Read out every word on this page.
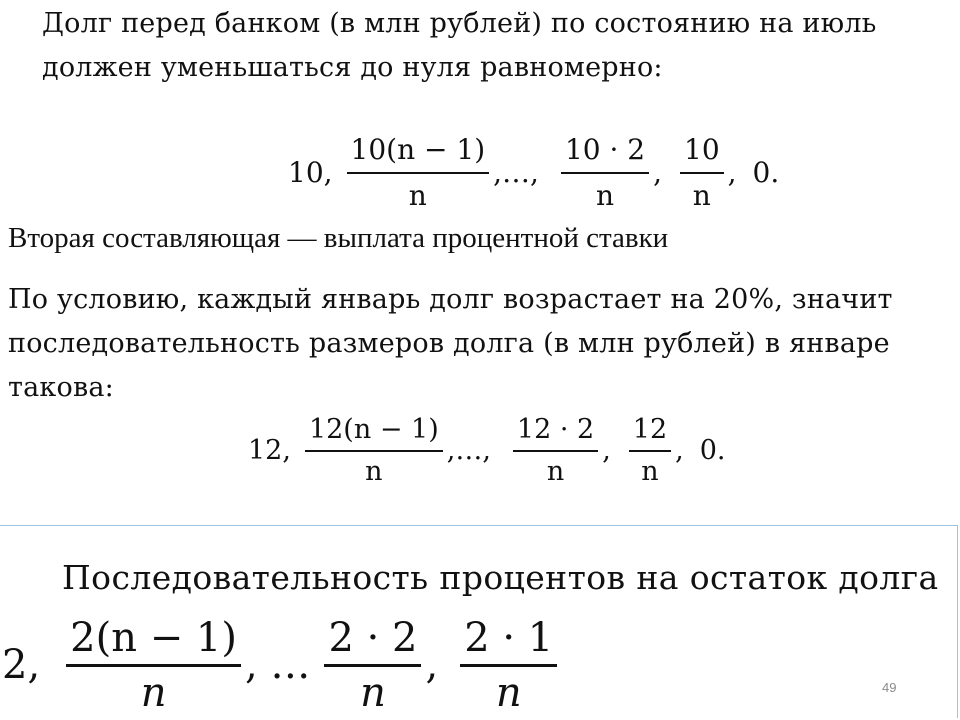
Долг перед банком (в млн рублей) по состоянию на июль
должен уменьшаться до нуля равномерно:
10, $\frac{10(n - 1)}{n}$ ,…, $\frac{10 \cdot 2}{n}$ , $\frac{10}{n}$ , 0.
Вторая составляющая — выплата процентной ставки
По условию, каждый январь долг возрастает на 20%, значит
последовательность размеров долга (в млн рублей) в январе
такова:
12, $\frac{12(n - 1)}{n}$ ,…, $\frac{12 \cdot 2}{n}$ , $\frac{12}{n}$ , 0.
Последовательность процентов на остаток долга
2, $\frac{2(n - 1)}{n}$ , … $\frac{2 \cdot 2}{n}$ , $\frac{2 \cdot 1}{n}$	49
